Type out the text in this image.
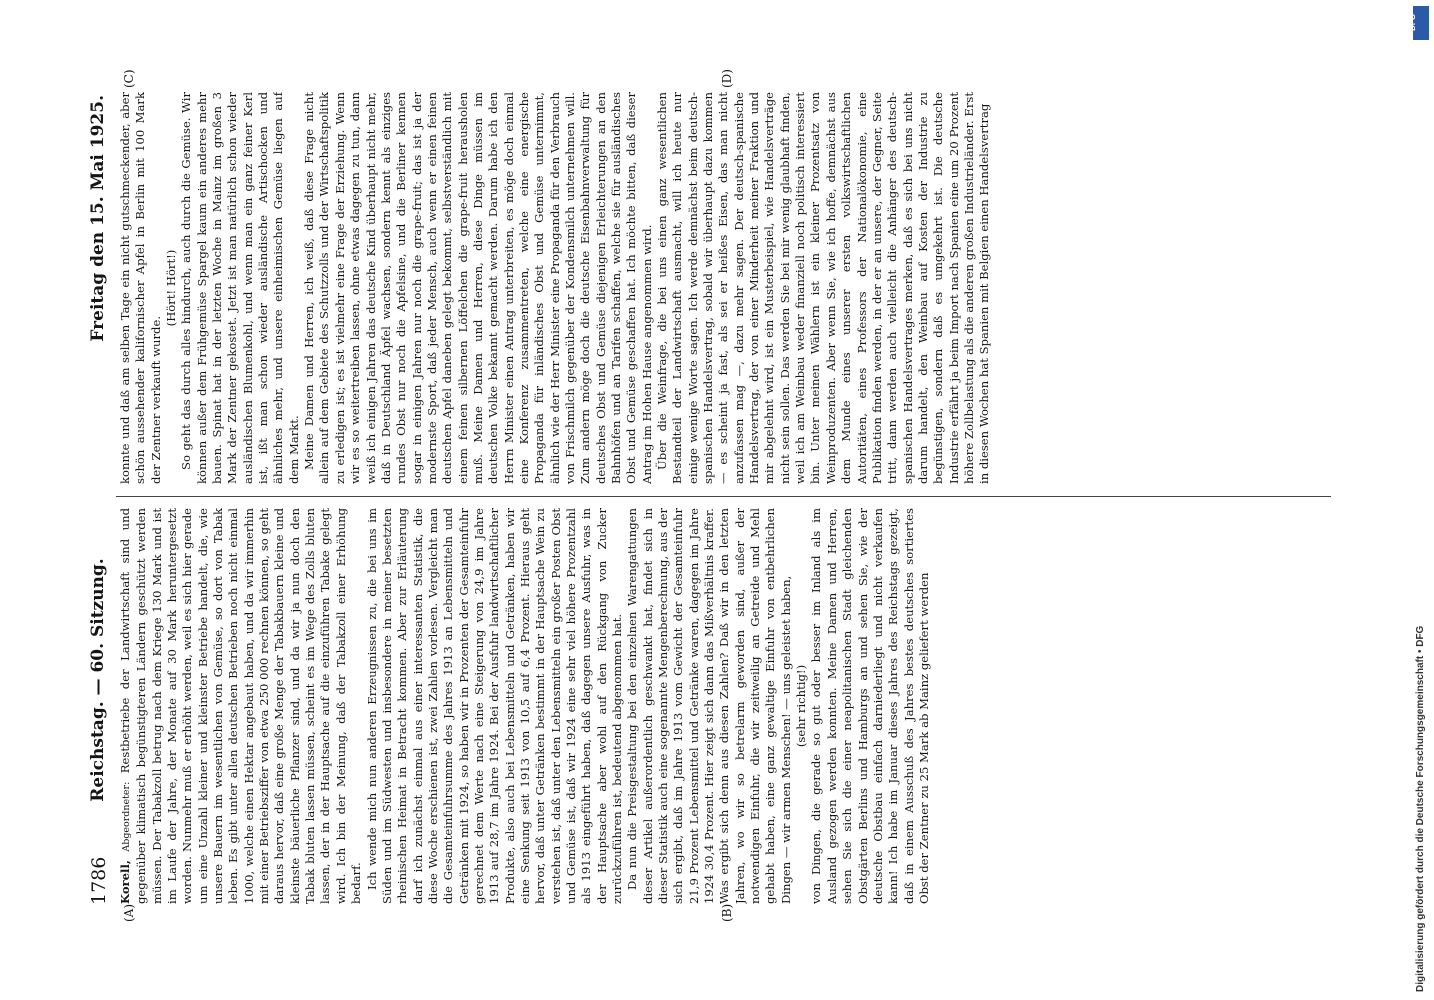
1786
Reichstag. — 60. Sitzung.
Freitag den 15. Mai 1925.
(A)	(B)
(C)	(D)

Korell, Abgeordneter: Restbetriebe der Landwirtschaft sind und gegenüber klimatisch begünstigteren Ländern geschützt werden müssen. Der Tabakzoll betrug nach dem Kriege 130 Mark und ist im Laufe der Jahre, der Monate auf 30 Mark heruntergesetzt worden. Nunmehr muß er erhöht werden, weil es sich hier gerade um eine Unzahl kleiner und kleinster Betriebe handelt, die, wie unsere Bauern im wesentlichen von Gemüse, so dort von Tabak leben. Es gibt unter allen deutschen Betrieben noch nicht einmal 1000, welche einen Hektar angebaut haben, und da wir immerhin mit einer Betriebsziffer von etwa 250 000 rechnen können, so geht daraus hervor, daß eine große Menge der Tabakbauern kleine und kleinste bäuerliche Pflanzer sind, und da wir ja nun doch den Tabak bluten lassen müssen, scheint es im Wege des Zolls bluten lassen, der in der Hauptsache auf die einzuführen Tabake gelegt wird. Ich bin der Meinung, daß der Tabakzoll einer Erhöhung bedarf. Ich wende mich nun anderen Erzeugnissen zu, die bei uns im Süden und im Südwesten und insbesondere in meiner besetzten rheinischen Heimat in Betracht kommen. Aber zur Erläuterung darf ich zunächst einmal aus einer interessanten Statistik, die diese Woche erschienen ist, zwei Zahlen vorlesen. Vergleicht man die Gesamteinfuhrsumme des Jahres 1913 an Lebensmitteln und Getränken mit 1924, so haben wir in Prozenten der Gesamteinfuhr gerechnet dem Werte nach eine Steigerung von 24,9 im Jahre 1913 auf 28,7 im Jahre 1924. Bei der Ausfuhr landwirtschaftlicher Produkte, also auch bei Lebensmitteln und Getränken, haben wir eine Senkung seit 1913 von 10,5 auf 6,4 Prozent. Hieraus geht hervor, daß unter Getränken bestimmt in der Hauptsache Wein zu verstehen ist, daß unter den Lebensmitteln ein großer Posten Obst und Gemüse ist, daß wir 1924 eine sehr viel höhere Prozentzahl als 1913 eingeführt haben, daß dagegen unsere Ausfuhr, was in der Hauptsache aber wohl auf den Rückgang von Zucker zurückzuführen ist, bedeutend abgenommen hat. Da nun die Preisgestaltung bei den einzelnen Warengattungen dieser Artikel außerordentlich geschwankt hat, findet sich in dieser Statistik auch eine sogenannte Mengenberechnung, aus der sich ergibt, daß im Jahre 1913 vom Gewicht der Gesamteinfuhr 21,9 Prozent Lebensmittel und Getränke waren, dagegen im Jahre 1924 30,4 Prozent. Hier zeigt sich dann das Mißverhältnis kraffer. Was ergibt sich denn aus diesen Zahlen? Daß wir in den letzten Jahren, wo wir so betrelarm geworden sind, außer der notwendigen Einfuhr, die wir zeitweilig an Getreide und Mehl gehabt haben, eine ganz gewaltige Einfuhr von entbehrlichen Dingen — wir armen Menschen! — uns geleistet haben, (sehr richtig!) von Dingen, die gerade so gut oder besser im Inland als im Ausland gezogen werden konnten. Meine Damen und Herren, sehen Sie sich die einer neapolitanischen Stadt gleichenden Obstgärten Berlins und Hamburgs an und sehen Sie, wie der deutsche Obstbau einfach darniederliegt und nicht verkaufen kann! Ich habe im Januar dieses Jahres des Reichstags gezeigt, daß in einem Ausschuß des Jahres bestes deutsches sortiertes Obst der Zentner zu 25 Mark ab Mainz geliefert werden

konnte und daß am selben Tage ein nicht gutschmeckender, aber schön aussehender kalifornischer Apfel in Berlin mit 100 Mark der Zentner verkauft wurde.

(Hört! Hört!) So geht das durch alles hindurch, auch durch die Gemüse. Wir können außer dem Frühgemüse Spargel kaum ein anderes mehr bauen. Spinat hat in der letzten Woche in Mainz im großen 3 Mark der Zentner gekostet. Jetzt ist man natürlich schon wieder ausländischen Blumenkohl, und wenn man ein ganz feiner Kerl ist, ißt man schon wieder ausländische Artischocken und ähnliches mehr, und unsere einheimischen Gemüse liegen auf dem Markt. Meine Damen und Herren, ich weiß, daß diese Frage nicht allein auf dem Gebiete des Schutzzolls und der Wirtschaftspolitik zu erledigen ist; es ist vielmehr eine Frage der Erziehung. Wenn wir es so weitertreiben lassen, ohne etwas dagegen zu tun, dann weiß ich einigen Jahren das deutsche Kind überhaupt nicht mehr, daß in Deutschland Äpfel wachsen, sondern kennt als einziges rundes Obst nur noch die Apfelsine, und die Berliner kennen sogar in einigen Jahren nur noch die grape-fruit; das ist ja der modernste Sport, daß jeder Mensch, auch wenn er einen feinen deutschen Apfel daneben gelegt bekommt, selbstverständlich mit einem feinen silbernen Löffelchen die grape-fruit herausholen muß. Meine Damen und Herren, diese Dinge müssen im deutschen Volke bekannt gemacht werden. Darum habe ich den Herrn Minister einen Antrag unterbreiten, es möge doch einmal eine Konferenz zusammentreten, welche eine energische Propaganda für inländisches Obst und Gemüse unternimmt, ähnlich wie der Herr Minister eine Propaganda für den Verbrauch von Frischmilch gegenüber der Kondensmilch unternehmen will. Zum andern möge doch die deutsche Eisenbahnverwaltung für deutsches Obst und Gemüse diejenigen Erleichterungen an den Bahnhöfen und an Tarifen schaffen, welche sie für ausländisches Obst und Gemüse geschaffen hat. Ich möchte bitten, daß dieser Antrag im Hohen Hause angenommen wird. Über die Weinfrage, die bei uns einen ganz wesentlichen Bestandteil der Landwirtschaft ausmacht, will ich heute nur einige wenige Worte sagen. Ich werde demnächst beim deutsch-spanischen Handelsvertrag, sobald wir überhaupt dazu kommen — es scheint ja fast, als sei er heißes Eisen, das man nicht anzufassen mag —, dazu mehr sagen. Der deutsch-spanische Handelsvertrag, der von einer Minderheit meiner Fraktion und mir abgelehnt wird, ist ein Musterbeispiel, wie Handelsverträge nicht sein sollen. Das werden Sie bei mir wenig glaubhaft finden, weil ich am Weinbau weder finanziell noch politisch interessiert bin. Unter meinen Wählern ist ein kleiner Prozentsatz von Weinproduzenten. Aber wenn Sie, wie ich hoffe, demnächst aus dem Munde eines unserer ersten volkswirtschaftlichen Autoritäten, eines Professors der Nationalökonomie, eine Publikation finden werden, in der er an unsere, der Gegner, Seite tritt, dann werden auch vielleicht die Anhänger des deutsch-spanischen Handelsvertrages merken, daß es sich bei uns nicht darum handelt, den Weinbau auf Kosten der Industrie zu begünstigen, sondern daß es umgekehrt ist. Die deutsche Industrie erfährt ja beim Import nach Spanien eine um 20 Prozent höhere Zollbelastung als die anderen großen Industrieländer. Erst in diesen Wochen hat Spanien mit Belgien einen Handelsvertrag

Digitalisierung gefördert durch die Deutsche Forschungsgemeinschaft • DFG
DFG
